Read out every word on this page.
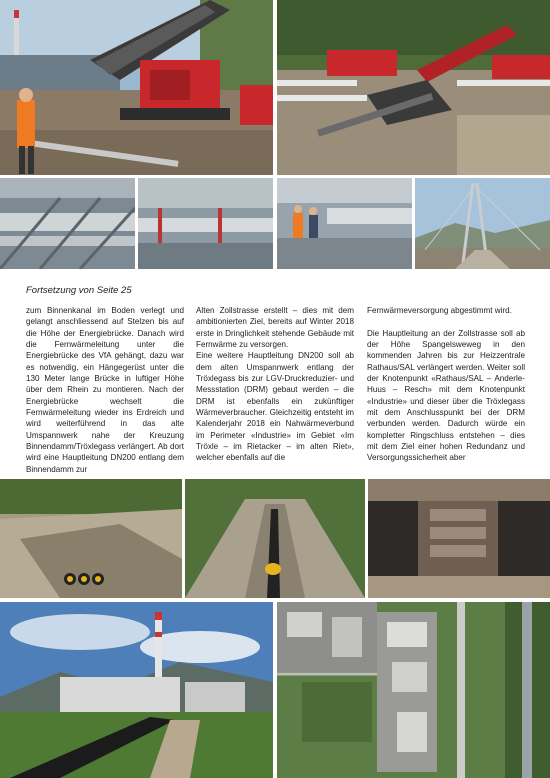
Fortsetzung von Seite 25

zum Binnenkanal im Boden verlegt und gelangt anschliessend auf Stelzen bis auf die Höhe der Energiebrücke. Danach wird die Fernwärmeleitung unter die Energiebrücke des VfA gehängt, dazu war es notwendig, ein Hängegerüst unter die 130 Meter lange Brücke in luftiger Höhe über dem Rhein zu montieren. Nach der Energiebrücke wechselt die Fernwärmeleitung wieder ins Erdreich und wird weiterführend in das alte Umspannwerk nahe der Kreuzung Binnendamm/Tröxlegass verlängert. Ab dort wird eine Hauptleitung DN200 entlang dem Binnendamm zur

Alten Zollstrasse erstellt – dies mit dem ambitionierten Ziel, bereits auf Winter 2018 erste in Dringlichkeit stehende Gebäude mit Fernwärme zu versorgen.

Eine weitere Hauptleitung DN200 soll ab dem alten Umspannwerk entlang der Tröxlegass bis zur LGV-Druckreduzier- und Messstation (DRM) gebaut werden – die DRM ist ebenfalls ein zukünftiger Wärmeverbraucher. Gleichzeitig entsteht im Kalenderjahr 2018 ein Nahwärmeverbund im Perimeter «Industrie» im Gebiet «Im Tröxle – im Rietacker – im alten Riet», welcher ebenfalls auf die

Fernwärmeversorgung abgestimmt wird.

Die Hauptleitung an der Zollstrasse soll ab der Höhe Spangelsweweg in den kommenden Jahren bis zur Heizzentrale Rathaus/SAL verlängert werden. Weiter soll der Knotenpunkt «Rathaus/SAL – Anderle-Huus – Resch» mit dem Knotenpunkt «Industrie» und dieser über die Tröxlegass mit dem Anschlusspunkt bei der DRM verbunden werden. Dadurch würde ein kompletter Ringschluss entstehen – dies mit dem Ziel einer hohen Redundanz und Versorgungssicherheit aber
